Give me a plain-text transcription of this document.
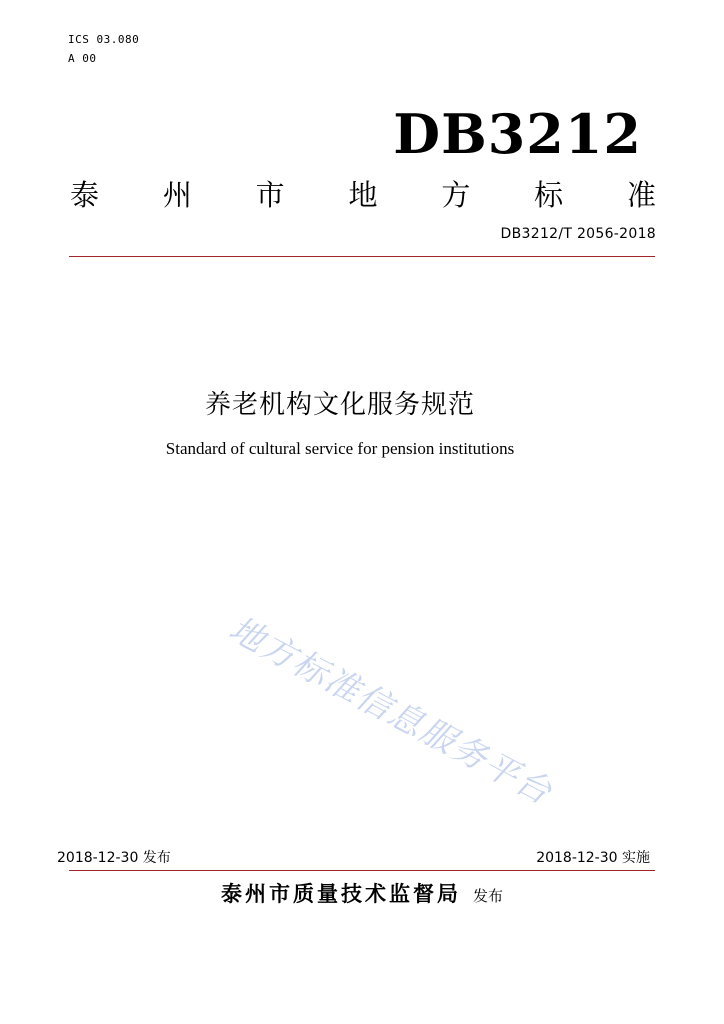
ICS 03.080
A 00
DB3212
泰 州 市 地 方 标 准
DB3212/T 2056-2018
养老机构文化服务规范
Standard of cultural service for pension institutions
地方标准信息服务平台
2018-12-30 发布	2018-12-30 实施
泰州市质量技术监督局 发布
